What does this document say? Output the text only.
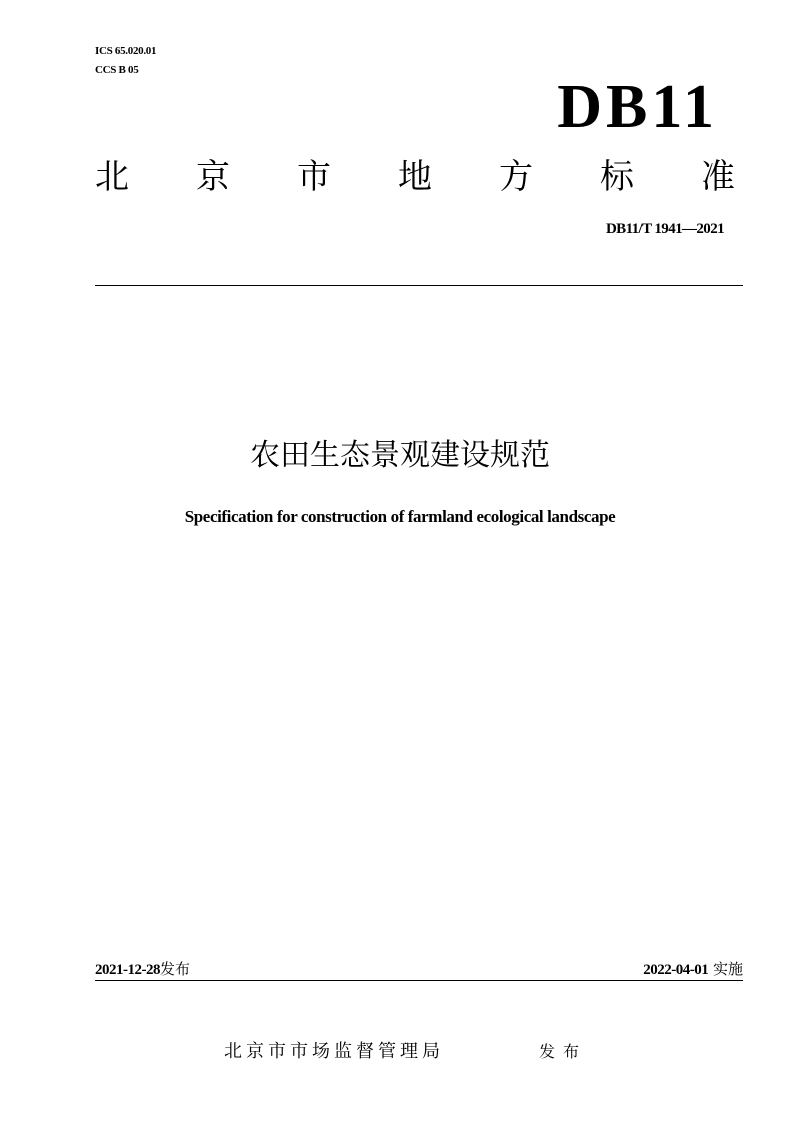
ICS 65.020.01
CCS B 05
DB11
北 京 市 地 方 标 准
DB11/T 1941—2021
农田生态景观建设规范
Specification for construction of farmland ecological landscape
2021-12-28发布	2022-04-01 实施
北京市市场监督管理局	发布
